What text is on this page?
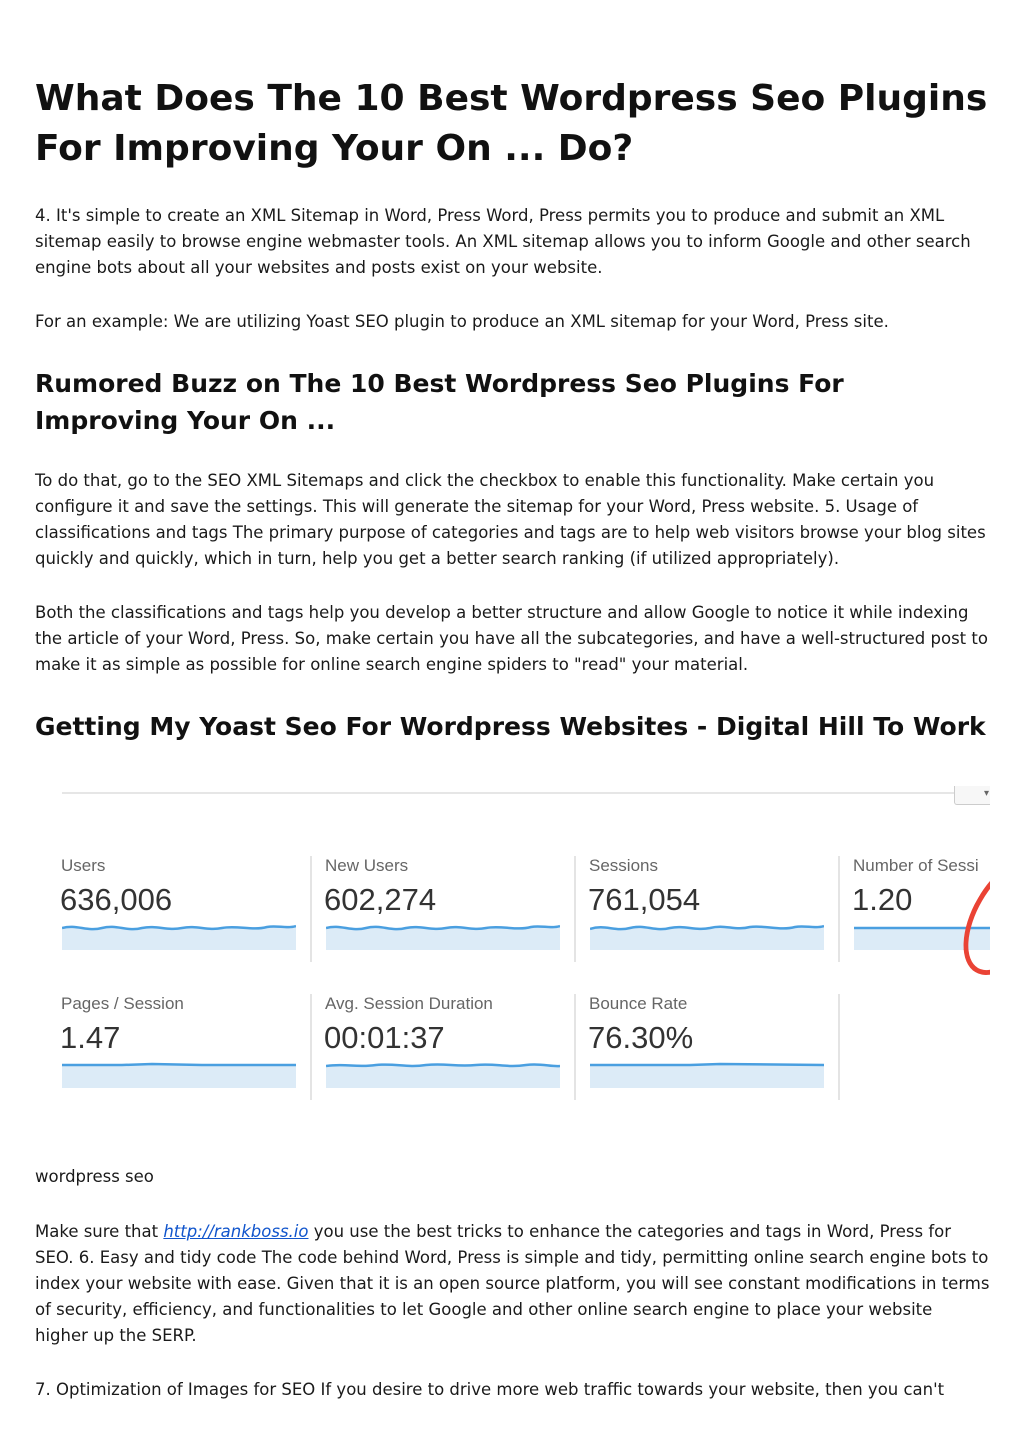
What Does The 10 Best Wordpress Seo Plugins For Improving Your On ... Do?

4. It's simple to create an XML Sitemap in Word, Press Word, Press permits you to produce and submit an XML sitemap easily to browse engine webmaster tools. An XML sitemap allows you to inform Google and other search engine bots about all your websites and posts exist on your website.

For an example: We are utilizing Yoast SEO plugin to produce an XML sitemap for your Word, Press site.

Rumored Buzz on The 10 Best Wordpress Seo Plugins For Improving Your On ...

To do that, go to the SEO XML Sitemaps and click the checkbox to enable this functionality. Make certain you configure it and save the settings. This will generate the sitemap for your Word, Press website. 5. Usage of classifications and tags The primary purpose of categories and tags are to help web visitors browse your blog sites quickly and quickly, which in turn, help you get a better search ranking (if utilized appropriately).

Both the classifications and tags help you develop a better structure and allow Google to notice it while indexing the article of your Word, Press. So, make certain you have all the subcategories, and have a well-structured post to make it as simple as possible for online search engine spiders to "read" your material.

Getting My Yoast Seo For Wordpress Websites - Digital Hill To Work
▾
Users
636,006
New Users
602,274
Sessions
761,054
Number of Sessi
1.20
Pages / Session
1.47
Avg. Session Duration
00:01:37
Bounce Rate
76.30%

wordpress seo

Make sure that http://rankboss.io you use the best tricks to enhance the categories and tags in Word, Press for SEO. 6. Easy and tidy code The code behind Word, Press is simple and tidy, permitting online search engine bots to index your website with ease. Given that it is an open source platform, you will see constant modifications in terms of security, efficiency, and functionalities to let Google and other online search engine to place your website higher up the SERP.

7. Optimization of Images for SEO If you desire to drive more web traffic towards your website, then you can't
